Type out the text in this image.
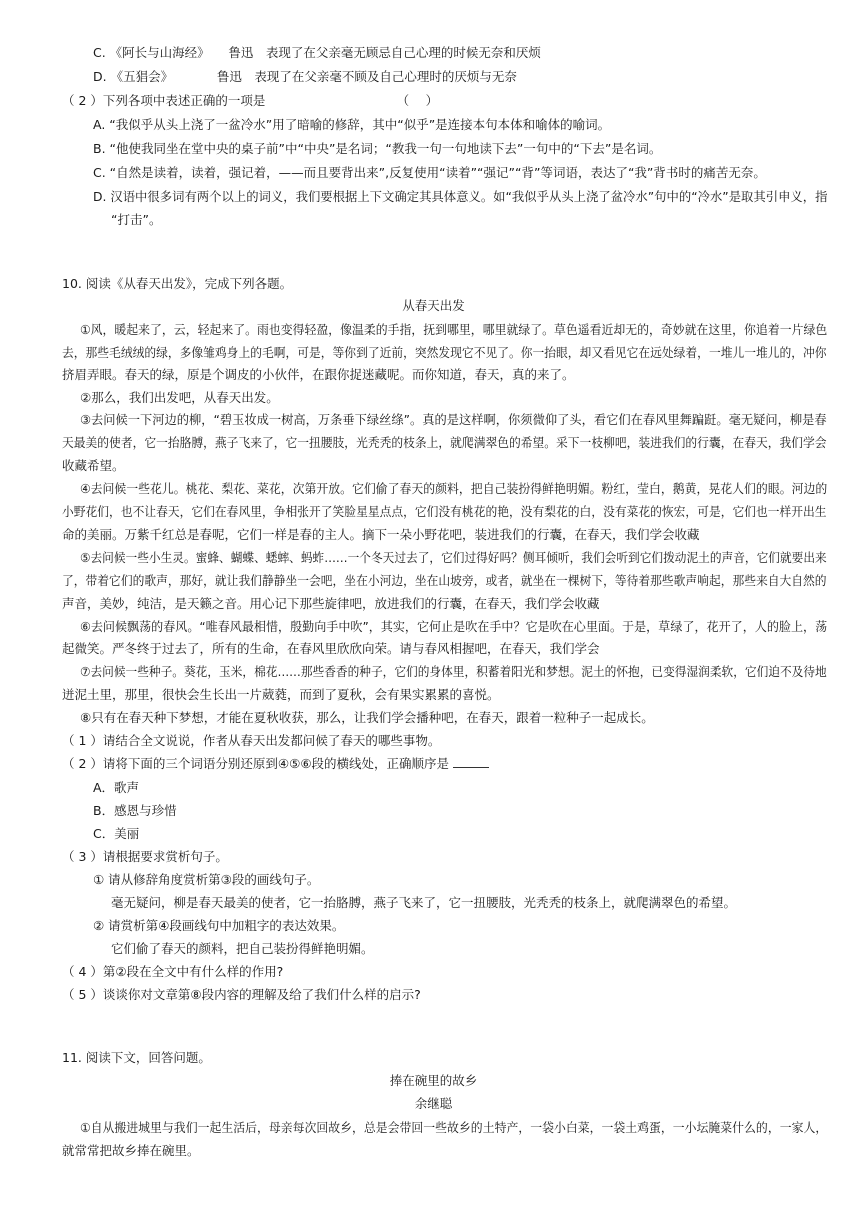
C. 《阿长与山海经》　　鲁迅　表现了在父亲毫无顾忌自己心理的时候无奈和厌烦
D. 《五猖会》　　　　鲁迅　表现了在父亲毫不顾及自己心理时的厌烦与无奈
（ 2 ）下列各项中表述正确的一项是　　　　　　　　　　　（　 ）
A. “我似乎从头上浇了一盆冷水”用了暗喻的修辞，其中“似乎”是连接本句本体和喻体的喻词。
B. “他使我同坐在堂中央的桌子前”中“中央”是名词；“教我一句一句地读下去”一句中的“下去”是名词。
C. “自然是读着，读着，强记着，——而且要背出来”,反复使用“读着”“强记”“背”等词语，表达了“我”背书时的痛苦无奈。
D. 汉语中很多词有两个以上的词义，我们要根据上下文确定其具体意义。如“我似乎从头上浇了盆冷水”句中的“冷水”是取其引申义，指
“打击”。
10. 阅读《从春天出发》，完成下列各题。
从春天出发
①风，暖起来了，云，轻起来了。雨也变得轻盈，像温柔的手指，抚到哪里，哪里就绿了。草色遥看近却无的，奇妙就在这里，你追着一片绿色
去，那些毛绒绒的绿，多像雏鸡身上的毛啊，可是，等你到了近前，突然发现它不见了。你一抬眼，却又看见它在远处绿着，一堆儿一堆儿的，冲你
挤眉弄眼。春天的绿，原是个调皮的小伙伴，在跟你捉迷藏呢。而你知道，春天，真的来了。
②那么，我们出发吧，从春天出发。
③去问候一下河边的柳，“碧玉妆成一树高，万条垂下绿丝绦”。真的是这样啊，你须微仰了头，看它们在春风里舞蹁跹。毫无疑问，柳是春
天最美的使者，它一抬胳膊，燕子飞来了，它一扭腰肢，光秃秃的枝条上，就爬满翠色的希望。采下一枝柳吧，装进我们的行囊，在春天，我们学会
收藏希望。
④去问候一些花儿。桃花、梨花、菜花，次第开放。它们偷了春天的颜料，把自己装扮得鲜艳明媚。粉红，莹白，鹅黄，晃花人们的眼。河边的
小野花们，也不让春天，它们在春风里，争相张开了笑脸星星点点，它们没有桃花的艳，没有梨花的白，没有菜花的恢宏，可是，它们也一样开出生
命的美丽。万紫千红总是春呢，它们一样是春的主人。摘下一朵小野花吧，装进我们的行囊，在春天，我们学会收藏
⑤去问候一些小生灵。蜜蜂、蝴蝶、蟋蟀、蚂蚱……一个冬天过去了，它们过得好吗？侧耳倾听，我们会听到它们拨动泥土的声音，它们就要出来
了，带着它们的歌声，那好，就让我们静静坐一会吧，坐在小河边，坐在山坡旁，或者，就坐在一棵树下，等待着那些歌声响起，那些来自大自然的
声音，美妙，纯洁，是天籁之音。用心记下那些旋律吧，放进我们的行囊，在春天，我们学会收藏
⑥去问候飘荡的春风。“唯春风最相惜，殷勤向手中吹”，其实，它何止是吹在手中？它是吹在心里面。于是，草绿了，花开了，人的脸上，荡
起微笑。严冬终于过去了，所有的生命，在春风里欣欣向荣。请与春风相握吧，在春天，我们学会
⑦去问候一些种子。葵花，玉米，棉花……那些香香的种子，它们的身体里，积蓄着阳光和梦想。泥土的怀抱，已变得湿润柔软，它们迫不及待地
迸泥土里，那里，很快会生长出一片葳蕤，而到了夏秋，会有果实累累的喜悦。
⑧只有在春天种下梦想，才能在夏秋收获，那么，让我们学会播种吧，在春天，跟着一粒种子一起成长。
（ 1 ）请结合全文说说，作者从春天出发都问候了春天的哪些事物。
（ 2 ）请将下面的三个词语分别还原到④⑤⑥段的横线处，正确顺序是
A．歌声
B．感恩与珍惜
C．美丽
（ 3 ）请根据要求赏析句子。
① 请从修辞角度赏析第③段的画线句子。
毫无疑问，柳是春天最美的使者，它一抬胳膊，燕子飞来了，它一扭腰肢，光秃秃的枝条上，就爬满翠色的希望。
② 请赏析第④段画线句中加粗字的表达效果。
它们偷了春天的颜料，把自己装扮得鲜艳明媚。
（ 4 ）第②段在全文中有什么样的作用?
（ 5 ）谈谈你对文章第⑧段内容的理解及给了我们什么样的启示?
11. 阅读下文，回答问题。
捧在碗里的故乡
余继聪
①自从搬进城里与我们一起生活后，母亲每次回故乡，总是会带回一些故乡的土特产，一袋小白菜，一袋土鸡蛋，一小坛腌菜什么的，一家人，
就常常把故乡捧在碗里。
